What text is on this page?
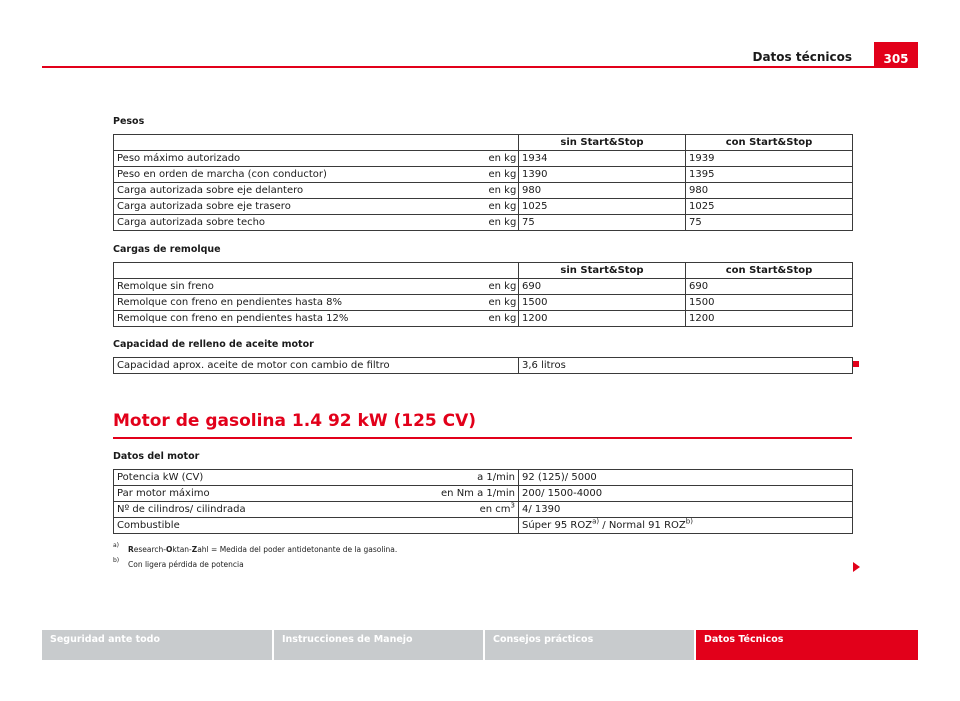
Datos técnicos	305
Pesos
		sin Start&Stop	con Start&Stop
Peso máximo autorizado	en kg	1934	1939
Peso en orden de marcha (con conductor)	en kg	1390	1395
Carga autorizada sobre eje delantero	en kg	980	980
Carga autorizada sobre eje trasero	en kg	1025	1025
Carga autorizada sobre techo	en kg	75	75
Cargas de remolque
		sin Start&Stop	con Start&Stop
Remolque sin freno	en kg	690	690
Remolque con freno en pendientes hasta 8%	en kg	1500	1500
Remolque con freno en pendientes hasta 12%	en kg	1200	1200
Capacidad de relleno de aceite motor
Capacidad aprox. aceite de motor con cambio de filtro	3,6 litros
Motor de gasolina 1.4 92 kW (125 CV)
Datos del motor
Potencia kW (CV)	a 1/min	92 (125)/ 5000
Par motor máximo	en Nm a 1/min	200/ 1500-4000
Nº de cilindros/ cilindrada	en $cm^3$	4/ 1390
Combustible		Súper 95 ROZ$^{a)}$ / Normal 91 ROZ$^{b)}$
a) Research-Oktan-Zahl = Medida del poder antidetonante de la gasolina.
b) Con ligera pérdida de potencia
Seguridad ante todo	Instrucciones de Manejo	Consejos prácticos	Datos Técnicos
